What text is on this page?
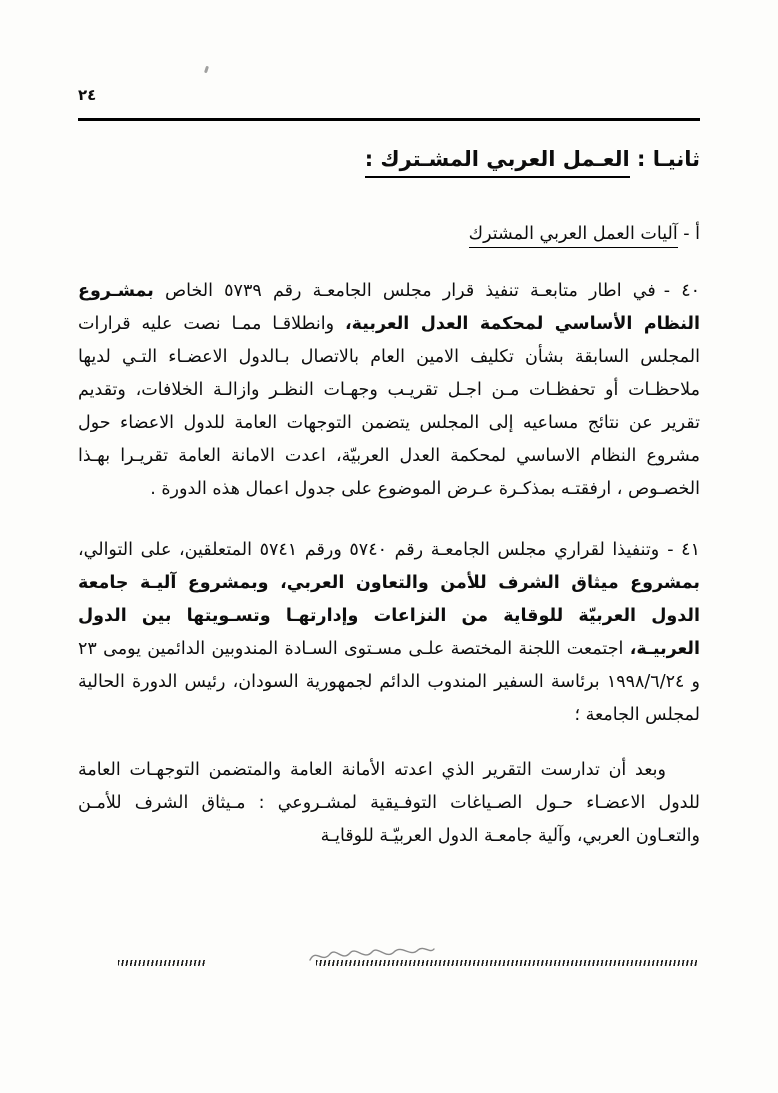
٢٤
ثانيـا : العـمل العربي المشـترك :
أ - آليات العمل العربي المشترك

٤٠ -في اطار متابعـة تنفيذ قرار مجلس الجامعـة رقم ٥٧٣٩ الخاص بمشـروع النظام الأساسي لمحكمة العدل العربية، وانطلاقـا ممـا نصت عليه قرارات المجلس السابقة بشأن تكليف الامين العام بالاتصال بـالدول الاعضـاء التـي لديها ملاحظـات أو تحفظـات مـن اجـل تقريـب وجهـات النظـر وازالـة الخلافات، وتقديم تقرير عن نتائج مساعيه إلى المجلس يتضمن التوجهات العامة للدول الاعضاء حول مشروع النظام الاساسي لمحكمة العدل العربيّة، اعدت الامانة العامة تقريـرا بهـذا الخصـوص ، ارفقتـه بمذكـرة عـرض الموضوع على جدول اعمال هذه الدورة .

٤١ -وتنفيذا لقراري مجلس الجامعـة رقم ٥٧٤٠ ورقم ٥٧٤١ المتعلقين، على التوالي، بمشروع ميثاق الشرف للأمن والتعاون العربي، وبمشروع آليـة جامعة الدول العربيّة للوقاية من النزاعات وإدارتهـا وتسـويتها بين الدول العربيـة، اجتمعت اللجنة المختصة علـى مسـتوى السـادة المندوبين الدائمين يومى ٢٣ و ١٩٩٨/٦/٢٤ برئاسة السفير المندوب الدائم لجمهورية السودان، رئيس الدورة الحالية لمجلس الجامعة ؛

وبعد أن تدارست التقرير الذي اعدته الأمانة العامة والمتضمن التوجهـات العامة للدول الاعضـاء حـول الصـياغات التوفـيقية لمشـروعي : مـيثاق الشرف للأمـن والتعـاون العربي، وآلية جامعـة الدول العربيّـة للوقايـة
